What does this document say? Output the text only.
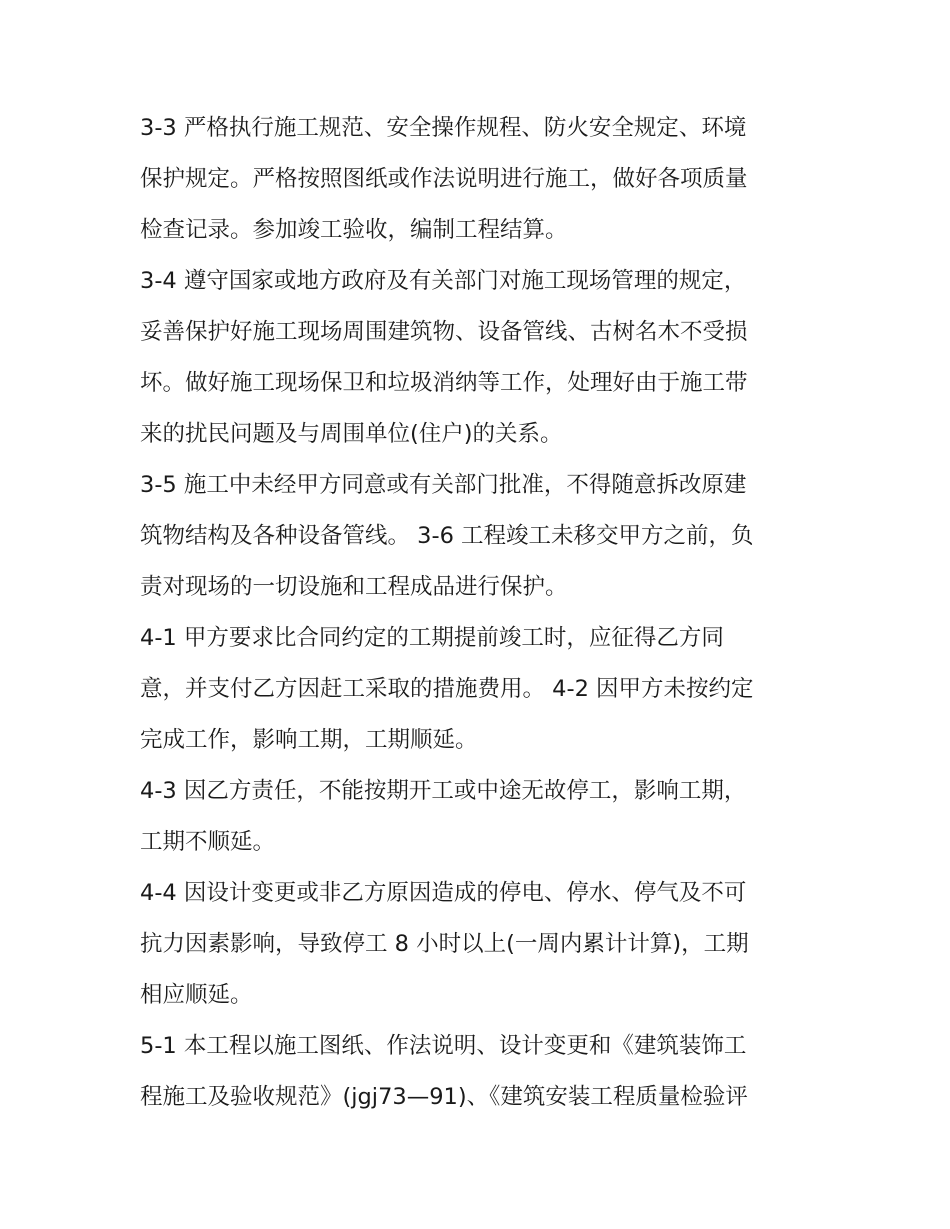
3-3 严格执行施工规范、安全操作规程、防火安全规定、环境
保护规定。严格按照图纸或作法说明进行施工，做好各项质量
检查记录。参加竣工验收，编制工程结算。
3-4 遵守国家或地方政府及有关部门对施工现场管理的规定，
妥善保护好施工现场周围建筑物、设备管线、古树名木不受损
坏。做好施工现场保卫和垃圾消纳等工作，处理好由于施工带
来的扰民问题及与周围单位(住户)的关系。
3-5 施工中未经甲方同意或有关部门批准，不得随意拆改原建
筑物结构及各种设备管线。 3-6 工程竣工未移交甲方之前，负
责对现场的一切设施和工程成品进行保护。
4-1 甲方要求比合同约定的工期提前竣工时，应征得乙方同
意，并支付乙方因赶工采取的措施费用。 4-2 因甲方未按约定
完成工作，影响工期，工期顺延。
4-3 因乙方责任，不能按期开工或中途无故停工，影响工期，
工期不顺延。
4-4 因设计变更或非乙方原因造成的停电、停水、停气及不可
抗力因素影响，导致停工 8 小时以上(一周内累计计算)，工期
相应顺延。
5-1 本工程以施工图纸、作法说明、设计变更和《建筑装饰工
程施工及验收规范》(jgj73—91)、《建筑安装工程质量检验评
